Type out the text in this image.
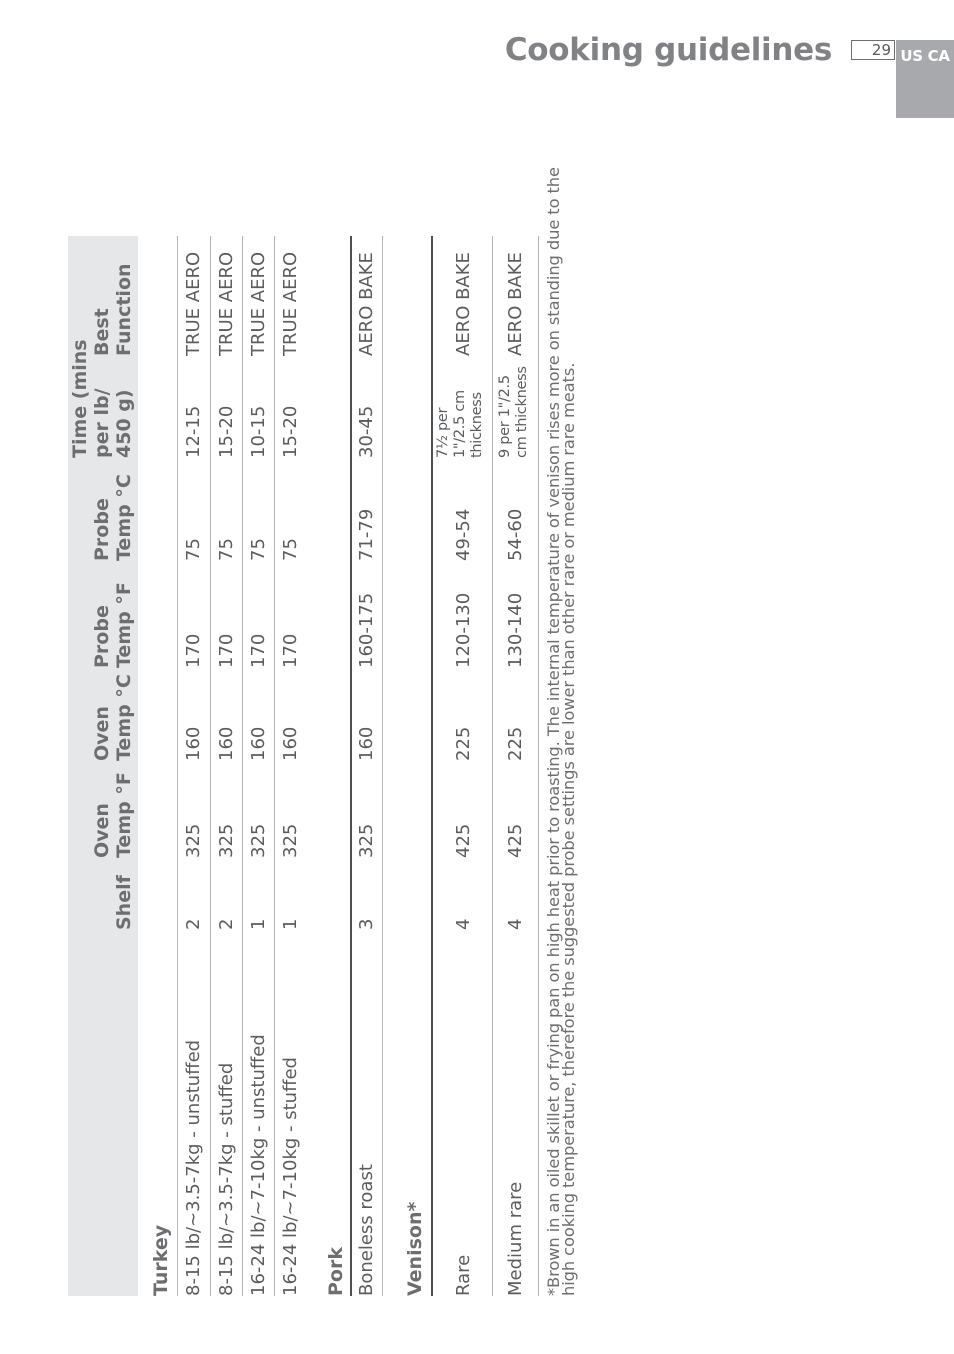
Cooking guidelines	29 US CA
Shelf
Oven Temp °F
Oven Temp °C
Probe Temp °F
Probe Temp °C
Time (mins per lb/ 450 g)
Best Function
Turkey 8-15 lb/~3.5-7kg - unstuffed
2
325
160
170
75
12-15
TRUE AERO
8-15 lb/~3.5-7kg - stuffed
2
325
160
170
75
15-20
TRUE AERO
16-24 lb/~7-10kg - unstuffed
1
325
160
170
75
10-15
TRUE AERO
16-24 lb/~7-10kg - stuffed
1
325
160
170
75
15-20
TRUE AERO
Pork Boneless roast
3
325
160
160-175
71-79
30-45
AERO BAKE
Venison* Rare
4
425
225
120-130
49-54
7½ per 1"/2.5 cm thickness
AERO BAKE
Medium rare
4
425
225
130-140
54-60
9 per 1"/2.5 cm thickness
AERO BAKE *Brown in an oiled skillet or frying pan on high heat prior to roasting. The internal temperature of venison rises more on standing due to the
high cooking temperature, therefore the suggested probe settings are lower than other rare or medium rare meats.
